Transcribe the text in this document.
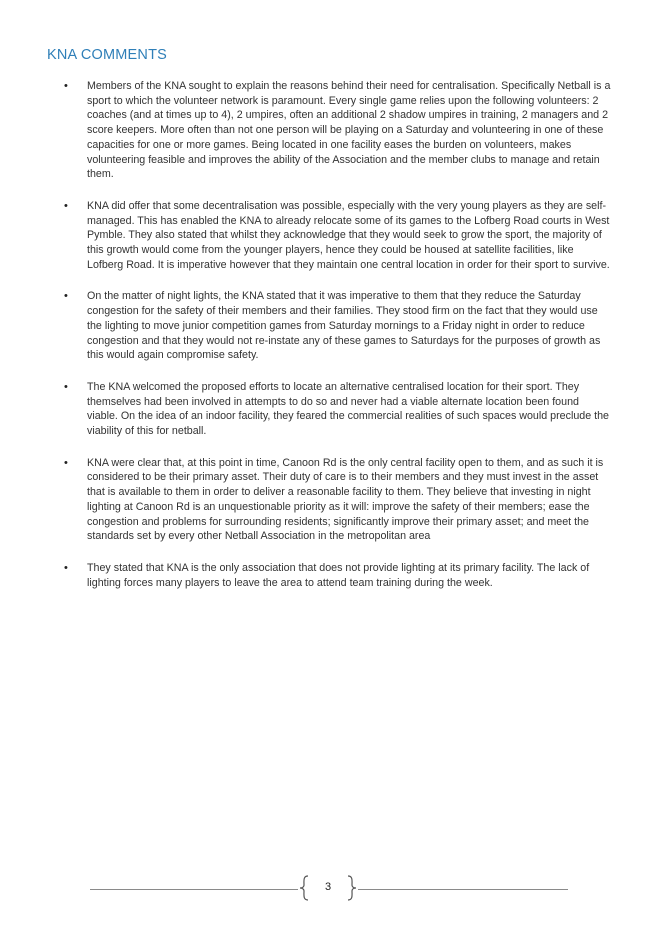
KNA COMMENTS
• Members of the KNA sought to explain the reasons behind their need for centralisation. Specifically Netball is a sport to which the volunteer network is paramount. Every single game relies upon the following volunteers: 2 coaches (and at times up to 4), 2 umpires, often an additional 2 shadow umpires in training, 2 managers and 2 score keepers. More often than not one person will be playing on a Saturday and volunteering in one of these capacities for one or more games. Being located in one facility eases the burden on volunteers, makes volunteering feasible and improves the ability of the Association and the member clubs to manage and retain them.
• KNA did offer that some decentralisation was possible, especially with the very young players as they are self-managed. This has enabled the KNA to already relocate some of its games to the Lofberg Road courts in West Pymble. They also stated that whilst they acknowledge that they would seek to grow the sport, the majority of this growth would come from the younger players, hence they could be housed at satellite facilities, like Lofberg Road. It is imperative however that they maintain one central location in order for their sport to survive.
• On the matter of night lights, the KNA stated that it was imperative to them that they reduce the Saturday congestion for the safety of their members and their families. They stood firm on the fact that they would use the lighting to move junior competition games from Saturday mornings to a Friday night in order to reduce congestion and that they would not re-instate any of these games to Saturdays for the purposes of growth as this would again compromise safety.
• The KNA welcomed the proposed efforts to locate an alternative centralised location for their sport. They themselves had been involved in attempts to do so and never had a viable alternate location been found viable. On the idea of an indoor facility, they feared the commercial realities of such spaces would preclude the viability of this for netball.
• KNA were clear that, at this point in time, Canoon Rd is the only central facility open to them, and as such it is considered to be their primary asset. Their duty of care is to their members and they must invest in the asset that is available to them in order to deliver a reasonable facility to them. They believe that investing in night lighting at Canoon Rd is an unquestionable priority as it will: improve the safety of their members; ease the congestion and problems for surrounding residents; significantly improve their primary asset; and meet the standards set by every other Netball Association in the metropolitan area
• They stated that KNA is the only association that does not provide lighting at its primary facility. The lack of lighting forces many players to leave the area to attend team training during the week.
3
